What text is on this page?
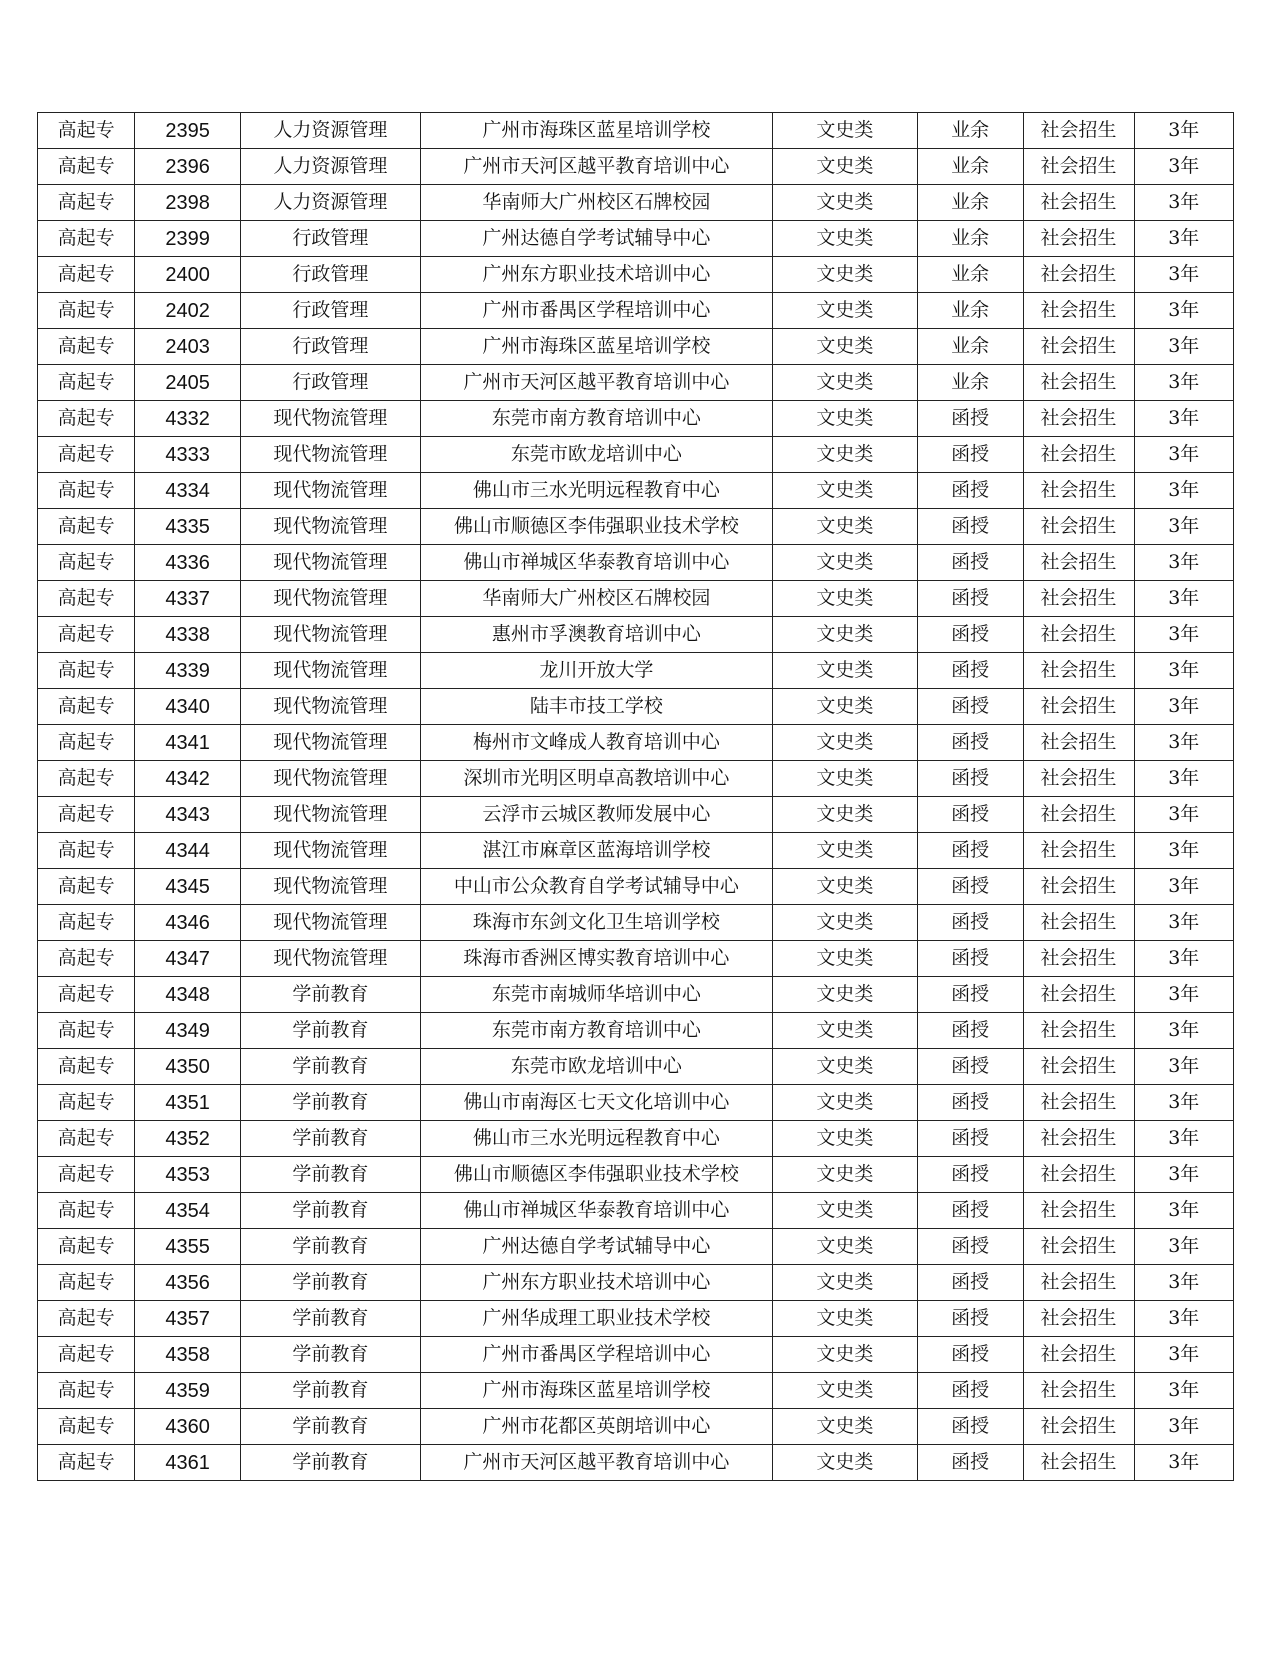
高起专	2395	人力资源管理	广州市海珠区蓝星培训学校	文史类	业余	社会招生	3年
高起专	2396	人力资源管理	广州市天河区越平教育培训中心	文史类	业余	社会招生	3年
高起专	2398	人力资源管理	华南师大广州校区石牌校园	文史类	业余	社会招生	3年
高起专	2399	行政管理	广州达德自学考试辅导中心	文史类	业余	社会招生	3年
高起专	2400	行政管理	广州东方职业技术培训中心	文史类	业余	社会招生	3年
高起专	2402	行政管理	广州市番禺区学程培训中心	文史类	业余	社会招生	3年
高起专	2403	行政管理	广州市海珠区蓝星培训学校	文史类	业余	社会招生	3年
高起专	2405	行政管理	广州市天河区越平教育培训中心	文史类	业余	社会招生	3年
高起专	4332	现代物流管理	东莞市南方教育培训中心	文史类	函授	社会招生	3年
高起专	4333	现代物流管理	东莞市欧龙培训中心	文史类	函授	社会招生	3年
高起专	4334	现代物流管理	佛山市三水光明远程教育中心	文史类	函授	社会招生	3年
高起专	4335	现代物流管理	佛山市顺德区李伟强职业技术学校	文史类	函授	社会招生	3年
高起专	4336	现代物流管理	佛山市禅城区华泰教育培训中心	文史类	函授	社会招生	3年
高起专	4337	现代物流管理	华南师大广州校区石牌校园	文史类	函授	社会招生	3年
高起专	4338	现代物流管理	惠州市孚澳教育培训中心	文史类	函授	社会招生	3年
高起专	4339	现代物流管理	龙川开放大学	文史类	函授	社会招生	3年
高起专	4340	现代物流管理	陆丰市技工学校	文史类	函授	社会招生	3年
高起专	4341	现代物流管理	梅州市文峰成人教育培训中心	文史类	函授	社会招生	3年
高起专	4342	现代物流管理	深圳市光明区明卓高教培训中心	文史类	函授	社会招生	3年
高起专	4343	现代物流管理	云浮市云城区教师发展中心	文史类	函授	社会招生	3年
高起专	4344	现代物流管理	湛江市麻章区蓝海培训学校	文史类	函授	社会招生	3年
高起专	4345	现代物流管理	中山市公众教育自学考试辅导中心	文史类	函授	社会招生	3年
高起专	4346	现代物流管理	珠海市东剑文化卫生培训学校	文史类	函授	社会招生	3年
高起专	4347	现代物流管理	珠海市香洲区博实教育培训中心	文史类	函授	社会招生	3年
高起专	4348	学前教育	东莞市南城师华培训中心	文史类	函授	社会招生	3年
高起专	4349	学前教育	东莞市南方教育培训中心	文史类	函授	社会招生	3年
高起专	4350	学前教育	东莞市欧龙培训中心	文史类	函授	社会招生	3年
高起专	4351	学前教育	佛山市南海区七天文化培训中心	文史类	函授	社会招生	3年
高起专	4352	学前教育	佛山市三水光明远程教育中心	文史类	函授	社会招生	3年
高起专	4353	学前教育	佛山市顺德区李伟强职业技术学校	文史类	函授	社会招生	3年
高起专	4354	学前教育	佛山市禅城区华泰教育培训中心	文史类	函授	社会招生	3年
高起专	4355	学前教育	广州达德自学考试辅导中心	文史类	函授	社会招生	3年
高起专	4356	学前教育	广州东方职业技术培训中心	文史类	函授	社会招生	3年
高起专	4357	学前教育	广州华成理工职业技术学校	文史类	函授	社会招生	3年
高起专	4358	学前教育	广州市番禺区学程培训中心	文史类	函授	社会招生	3年
高起专	4359	学前教育	广州市海珠区蓝星培训学校	文史类	函授	社会招生	3年
高起专	4360	学前教育	广州市花都区英朗培训中心	文史类	函授	社会招生	3年
高起专	4361	学前教育	广州市天河区越平教育培训中心	文史类	函授	社会招生	3年
